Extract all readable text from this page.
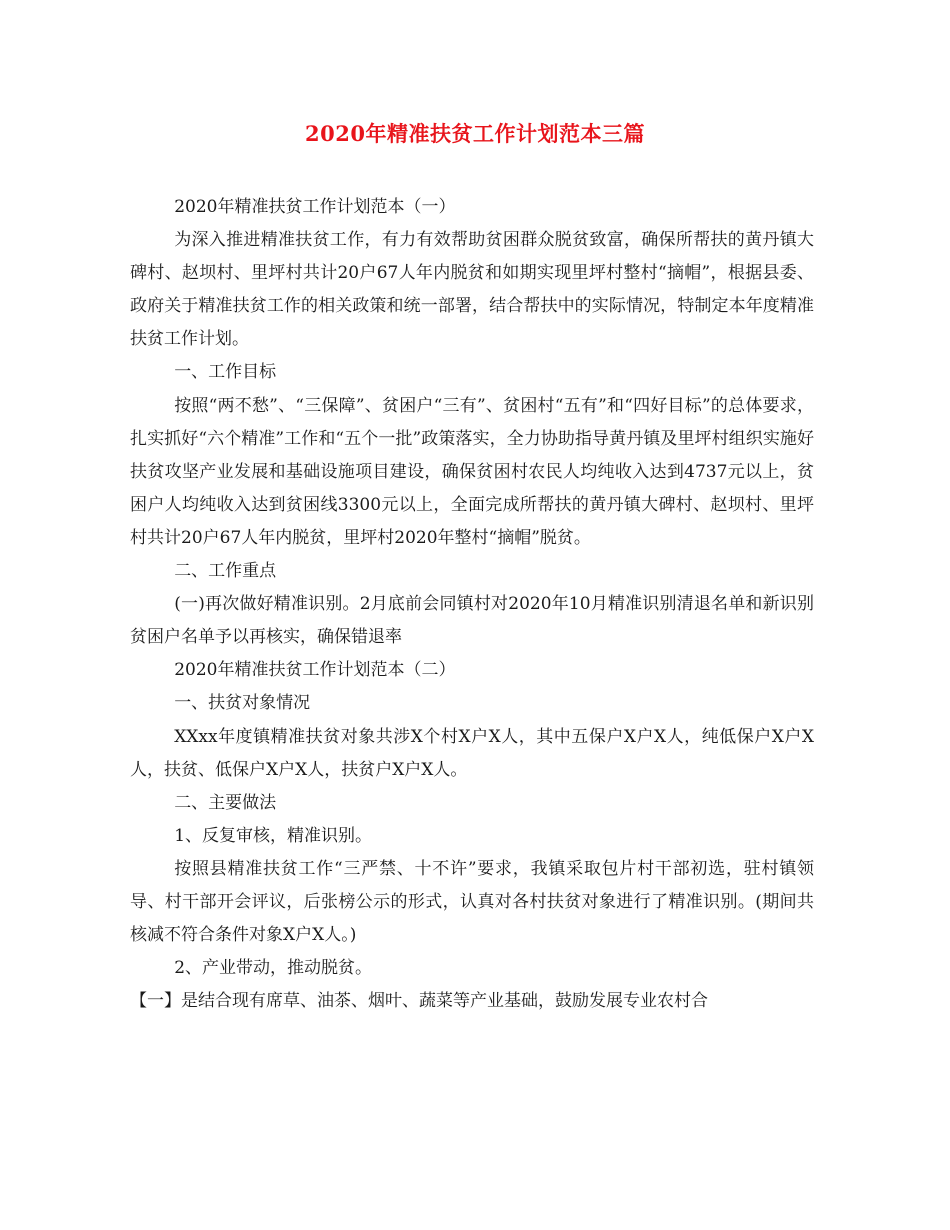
2020年精准扶贫工作计划范本三篇

2020年精准扶贫工作计划范本（一）

为深入推进精准扶贫工作，有力有效帮助贫困群众脱贫致富，确保所帮扶的黄丹镇大碑村、赵坝村、里坪村共计20户67人年内脱贫和如期实现里坪村整村“摘帽”，根据县委、政府关于精准扶贫工作的相关政策和统一部署，结合帮扶中的实际情况，特制定本年度精准扶贫工作计划。

一、工作目标

按照“两不愁”、“三保障”、贫困户“三有”、贫困村“五有”和“四好目标”的总体要求，扎实抓好“六个精准”工作和“五个一批”政策落实，全力协助指导黄丹镇及里坪村组织实施好扶贫攻坚产业发展和基础设施项目建设，确保贫困村农民人均纯收入达到4737元以上，贫困户人均纯收入达到贫困线3300元以上，全面完成所帮扶的黄丹镇大碑村、赵坝村、里坪村共计20户67人年内脱贫，里坪村2020年整村“摘帽”脱贫。

二、工作重点

(一)再次做好精准识别。2月底前会同镇村对2020年10月精准识别清退名单和新识别贫困户名单予以再核实，确保错退率

2020年精准扶贫工作计划范本（二）

一、扶贫对象情况

XXxx年度镇精准扶贫对象共涉X个村X户X人，其中五保户X户X人，纯低保户X户X人，扶贫、低保户X户X人，扶贫户X户X人。

二、主要做法

1、反复审核，精准识别。

按照县精准扶贫工作“三严禁、十不许”要求，我镇采取包片村干部初选，驻村镇领导、村干部开会评议，后张榜公示的形式，认真对各村扶贫对象进行了精准识别。(期间共核减不符合条件对象X户X人。)

2、产业带动，推动脱贫。

【一】是结合现有席草、油茶、烟叶、蔬菜等产业基础，鼓励发展专业农村合
